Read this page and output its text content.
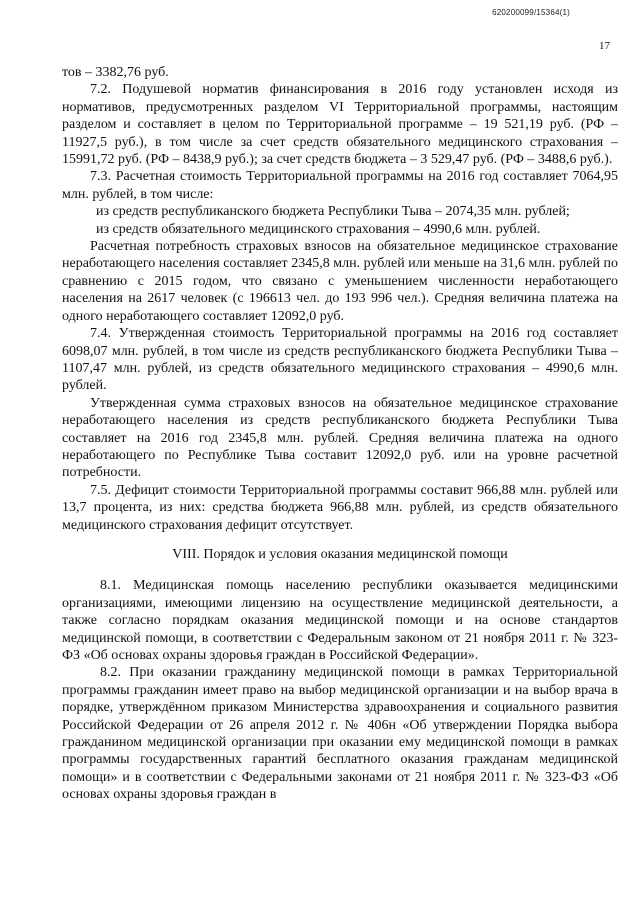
620200099/15364(1)
17

тов – 3382,76 руб.

7.2. Подушевой норматив финансирования в 2016 году установлен исходя из нормативов, предусмотренных разделом VI Территориальной программы, настоящим разделом и составляет в целом по Территориальной программе – 19 521,19 руб. (РФ – 11927,5 руб.), в том числе за счет средств обязательного медицинского страхования – 15991,72 руб. (РФ – 8438,9 руб.); за счет средств бюджета – 3 529,47 руб. (РФ – 3488,6 руб.).

7.3. Расчетная стоимость Территориальной программы на 2016 год составляет 7064,95 млн. рублей, в том числе:

из средств республиканского бюджета Республики Тыва – 2074,35 млн. рублей;

из средств обязательного медицинского страхования – 4990,6 млн. рублей.

Расчетная потребность страховых взносов на обязательное медицинское страхование неработающего населения составляет 2345,8 млн. рублей или меньше на 31,6 млн. рублей по сравнению с 2015 годом, что связано с уменьшением численности неработающего населения на 2617 человек (с 196613 чел. до 193 996 чел.). Средняя величина платежа на одного неработающего составляет 12092,0 руб.

7.4. Утвержденная стоимость Территориальной программы на 2016 год составляет 6098,07 млн. рублей, в том числе из средств республиканского бюджета Республики Тыва – 1107,47 млн. рублей, из средств обязательного медицинского страхования – 4990,6 млн. рублей.

Утвержденная сумма страховых взносов на обязательное медицинское страхование неработающего населения из средств республиканского бюджета Республики Тыва составляет на 2016 год 2345,8 млн. рублей. Средняя величина платежа на одного неработающего по Республике Тыва составит 12092,0 руб. или на уровне расчетной потребности.

7.5. Дефицит стоимости Территориальной программы составит 966,88 млн. рублей или 13,7 процента, из них: средства бюджета 966,88 млн. рублей, из средств обязательного медицинского страхования дефицит отсутствует.

VIII. Порядок и условия оказания медицинской помощи

8.1. Медицинская помощь населению республики оказывается медицинскими организациями, имеющими лицензию на осуществление медицинской деятельности, а также согласно порядкам оказания медицинской помощи и на основе стандартов медицинской помощи, в соответствии с Федеральным законом от 21 ноября 2011 г. № 323-ФЗ «Об основах охраны здоровья граждан в Российской Федерации».

8.2. При оказании гражданину медицинской помощи в рамках Территориальной программы гражданин имеет право на выбор медицинской организации и на выбор врача в порядке, утверждённом приказом Министерства здравоохранения и социального развития Российской Федерации от 26 апреля 2012 г. № 406н «Об утверждении Порядка выбора гражданином медицинской организации при оказании ему медицинской помощи в рамках программы государственных гарантий бесплатного оказания гражданам медицинской помощи» и в соответствии с Федеральными законами от 21 ноября 2011 г. № 323-ФЗ «Об основах охраны здоровья граждан в
